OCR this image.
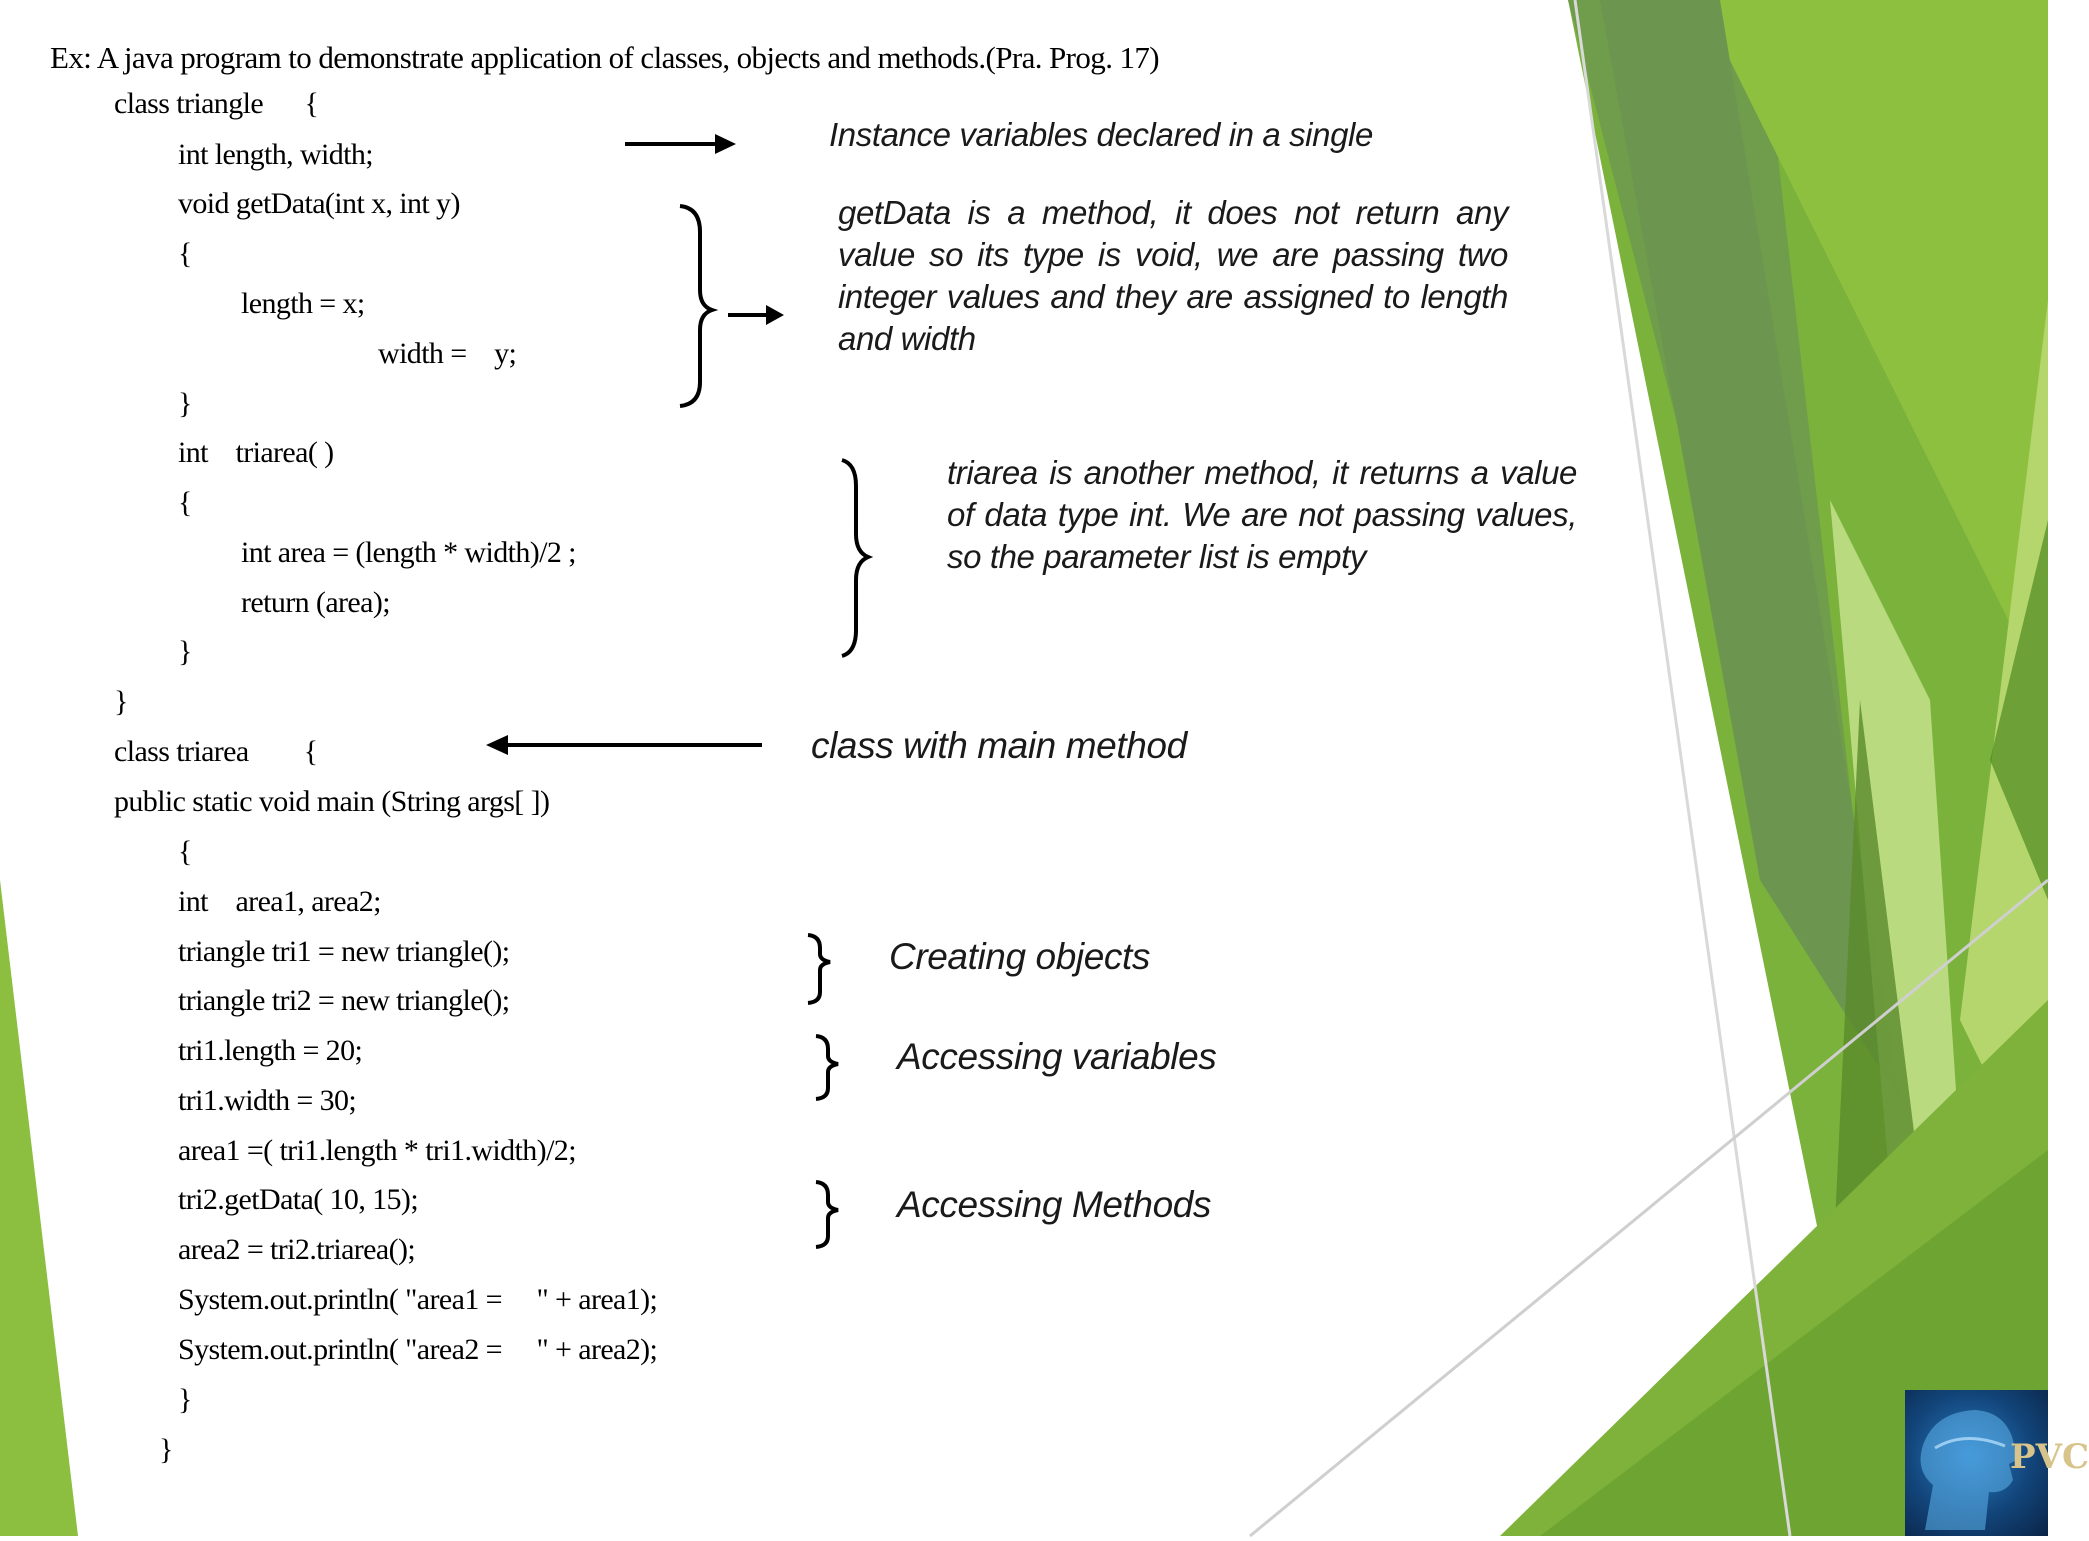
Ex: A java program to demonstrate application of classes, objects and methods.(Pra. Prog. 17)
class triangle      {
int length, width;
void getData(int x, int y)
{
length = x;
width =    y;
}
int    triarea( )
{
int area = (length * width)/2 ;
return (area);
}
}
class triarea        {
public static void main (String args[ ])
{
int    area1, area2;
triangle tri1 = new triangle();
triangle tri2 = new triangle();
tri1.length = 20;
tri1.width = 30;
area1 =( tri1.length * tri1.width)/2;
tri2.getData( 10, 15);
area2 = tri2.triarea();
System.out.println( "area1 =     " + area1);
System.out.println( "area2 =     " + area2);
}
}
Instance variables declared in a single
getData is a method, it does not return any value so its type is void, we are passing two integer values and they are assigned to length and width
triarea is another method, it returns a value of data type int. We are not passing values, so the parameter list is empty
class with main method
Creating objects
Accessing variables
Accessing Methods
PVC
